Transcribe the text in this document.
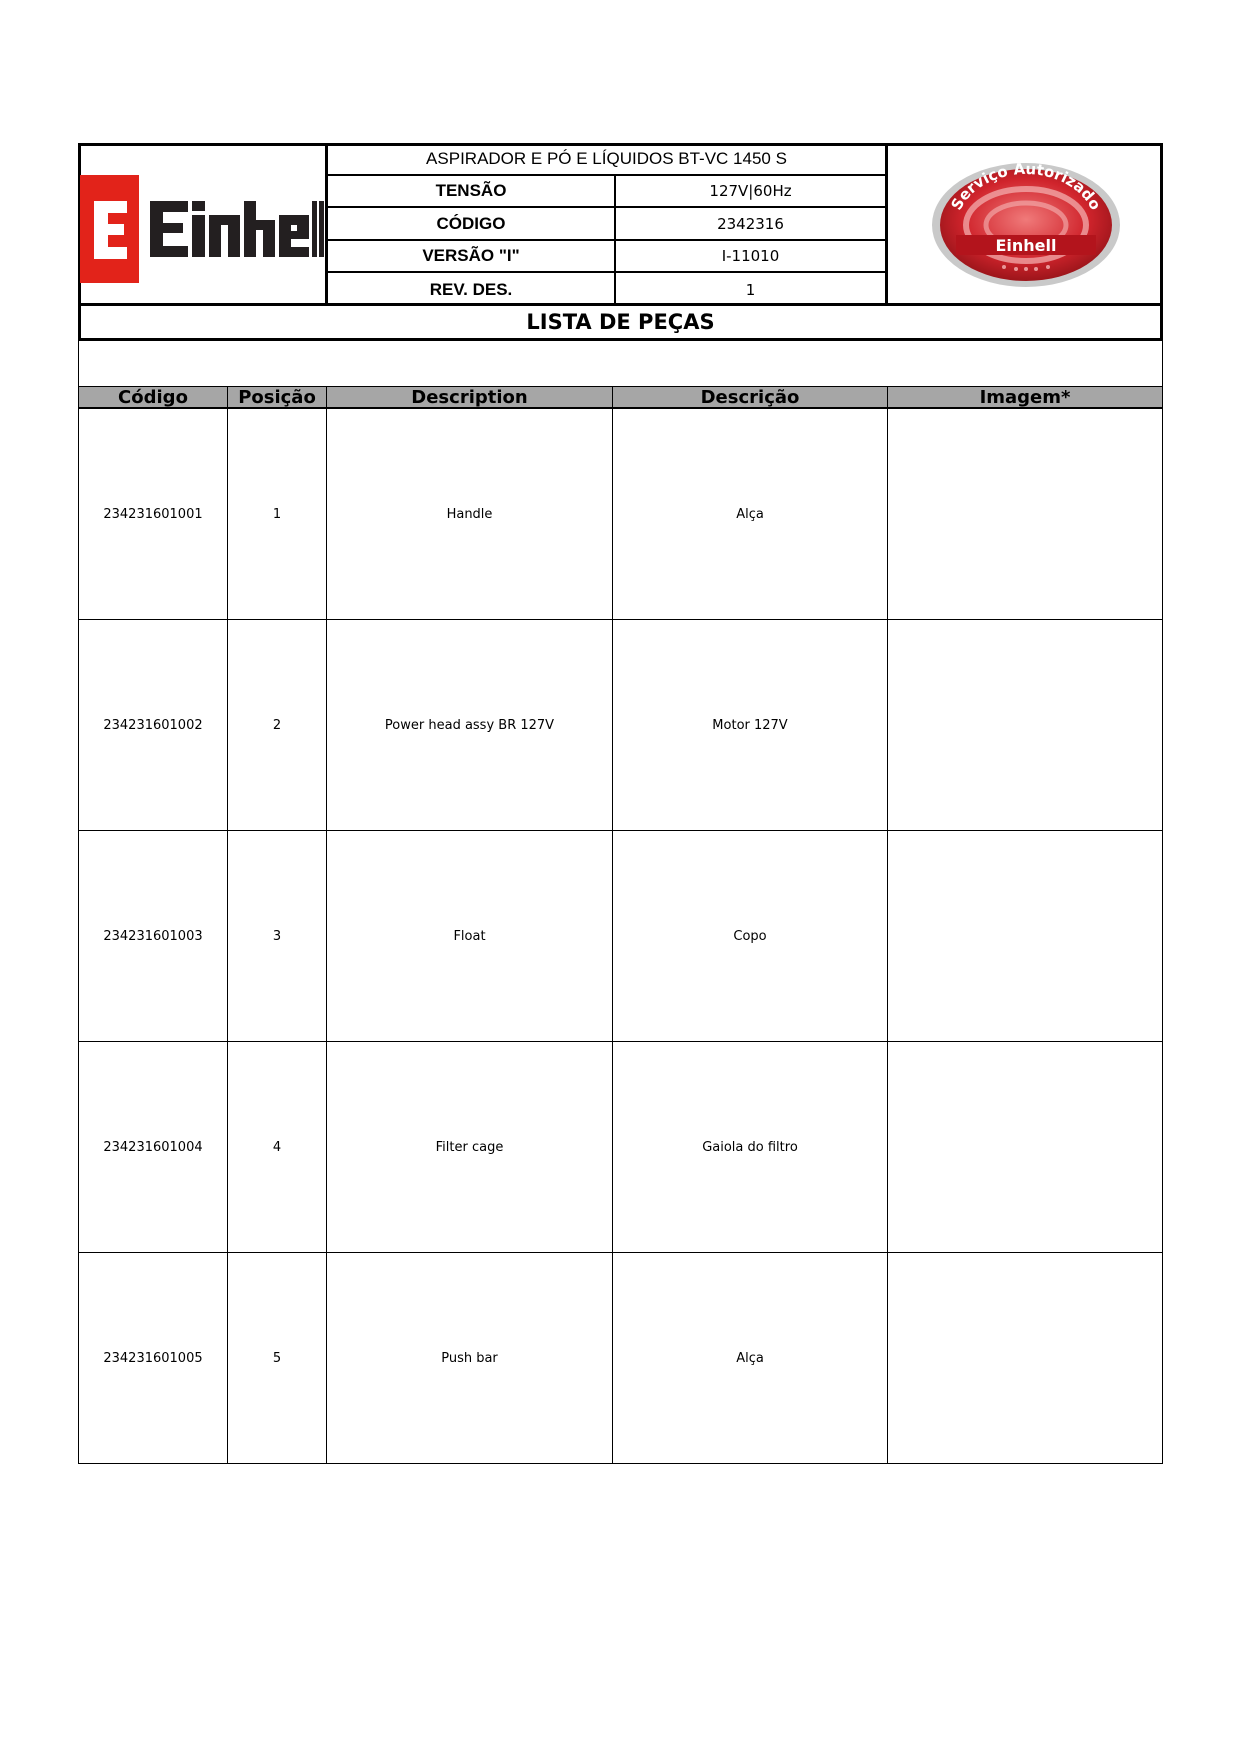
ASPIRADOR E PÓ E LÍQUIDOS BT-VC 1450 S
TENSÃO	127V|60Hz
CÓDIGO	2342316
VERSÃO "I"	I-11010
REV. DES.	1
Serviço Autorizado
Einhell
LISTA DE PEÇAS
Código	Posição	Description	Descrição	Imagem*
234231601001	1	Handle	Alça
234231601002	2	Power head assy BR 127V	Motor 127V
234231601003	3	Float	Copo
234231601004	4	Filter cage	Gaiola do filtro
234231601005	5	Push bar	Alça
